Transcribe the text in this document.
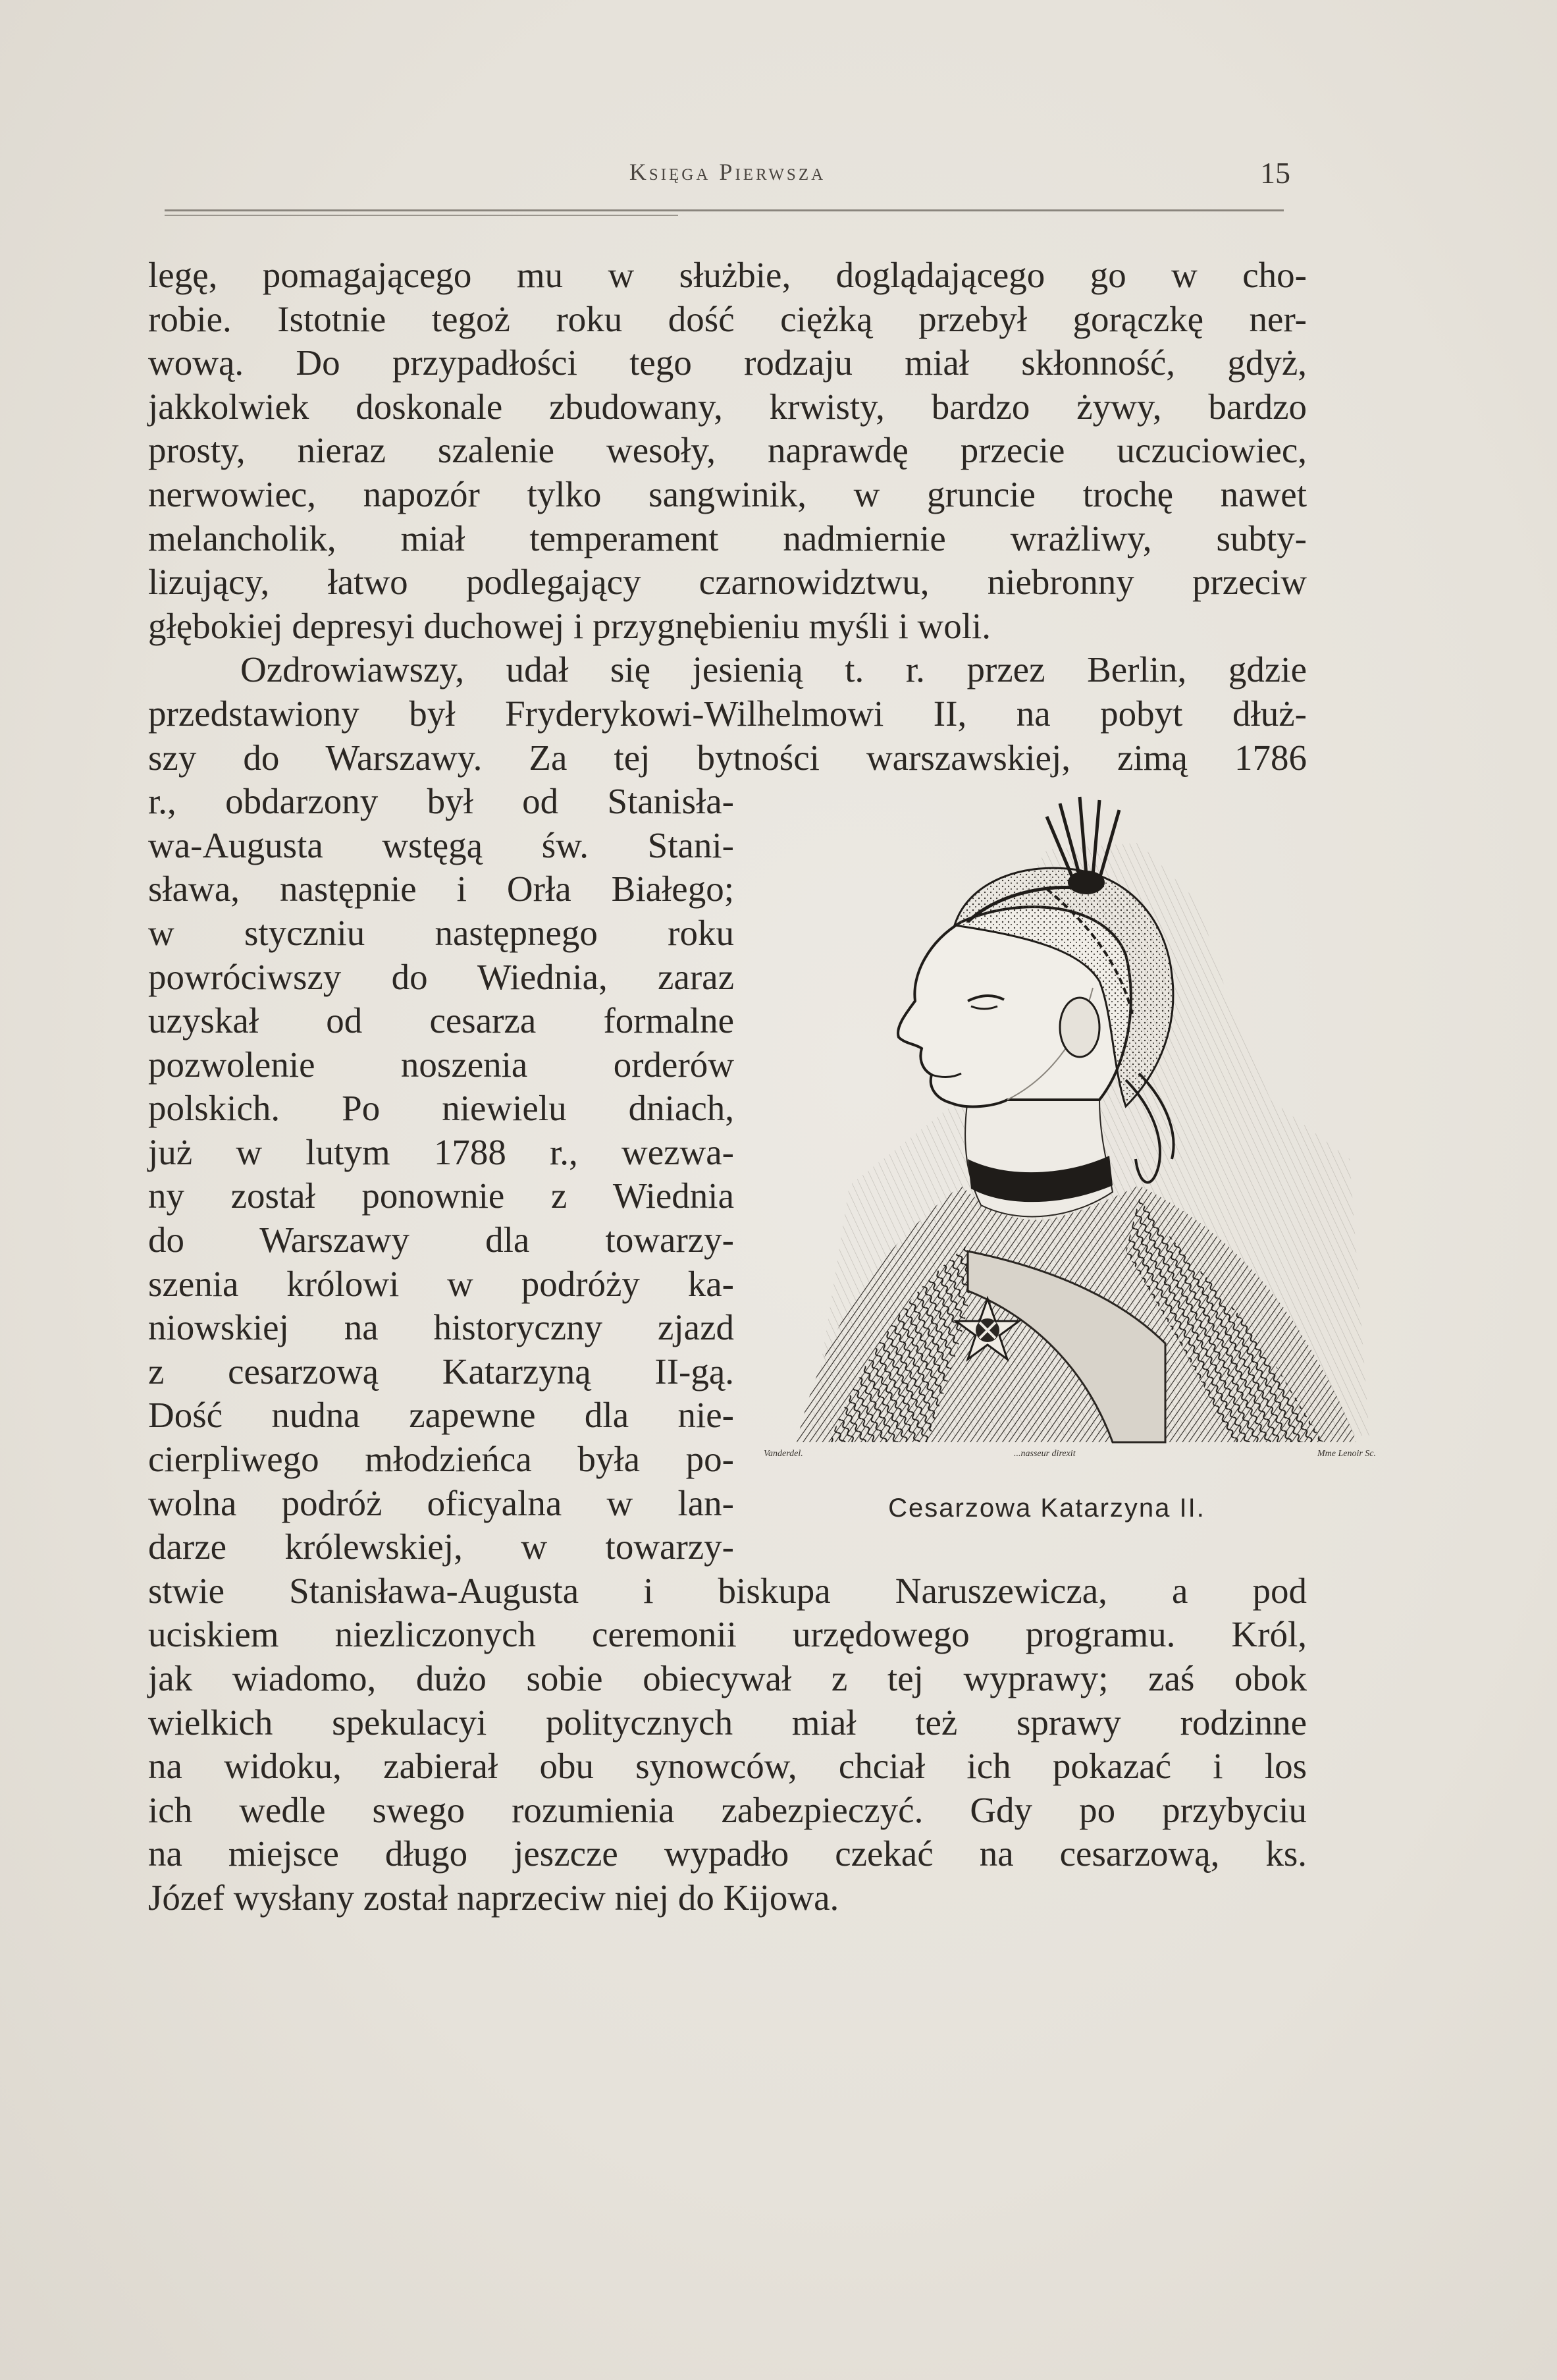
Księga Pierwsza	15
legę, pomagającego mu w służbie, doglądającego go w cho-
robie. Istotnie tegoż roku dość ciężką przebył gorączkę ner-
wową. Do przypadłości tego rodzaju miał skłonność, gdyż,
jakkolwiek doskonale zbudowany, krwisty, bardzo żywy, bardzo
prosty, nieraz szalenie wesoły, naprawdę przecie uczuciowiec,
nerwowiec, napozór tylko sangwinik, w gruncie trochę nawet
melancholik, miał temperament nadmiernie wrażliwy, subty-
lizujący, łatwo podlegający czarnowidztwu, niebronny przeciw
głębokiej depresyi duchowej i przygnębieniu myśli i woli.
Ozdrowiawszy, udał się jesienią t. r. przez Berlin, gdzie
przedstawiony był Fryderykowi-Wilhelmowi II, na pobyt dłuż-
szy do Warszawy. Za tej bytności warszawskiej, zimą 1786
r., obdarzony był od Stanisła-
wa-Augusta wstęgą św. Stani-
sława, następnie i Orła Białego;
w styczniu następnego roku
powróciwszy do Wiednia, zaraz
uzyskał od cesarza formalne
pozwolenie noszenia orderów
polskich. Po niewielu dniach,
już w lutym 1788 r., wezwa-
ny został ponownie z Wiednia
do Warszawy dla towarzy-
szenia królowi w podróży ka-
niowskiej na historyczny zjazd
z cesarzową Katarzyną II-gą.
Dość nudna zapewne dla nie-
cierpliwego młodzieńca była po-
wolna podróż oficyalna w lan-
darze królewskiej, w towarzy-
stwie Stanisława-Augusta i biskupa Naruszewicza, a pod
uciskiem niezliczonych ceremonii urzędowego programu. Król,
jak wiadomo, dużo sobie obiecywał z tej wyprawy; zaś obok
wielkich spekulacyi politycznych miał też sprawy rodzinne
na widoku, zabierał obu synowców, chciał ich pokazać i los
ich wedle swego rozumienia zabezpieczyć. Gdy po przybyciu
na miejsce długo jeszcze wypadło czekać na cesarzową, ks.
Józef wysłany został naprzeciw niej do Kijowa.
Vanderdel.	...nasseur direxit	Mme Lenoir Sc.
Cesarzowa Katarzyna II.
